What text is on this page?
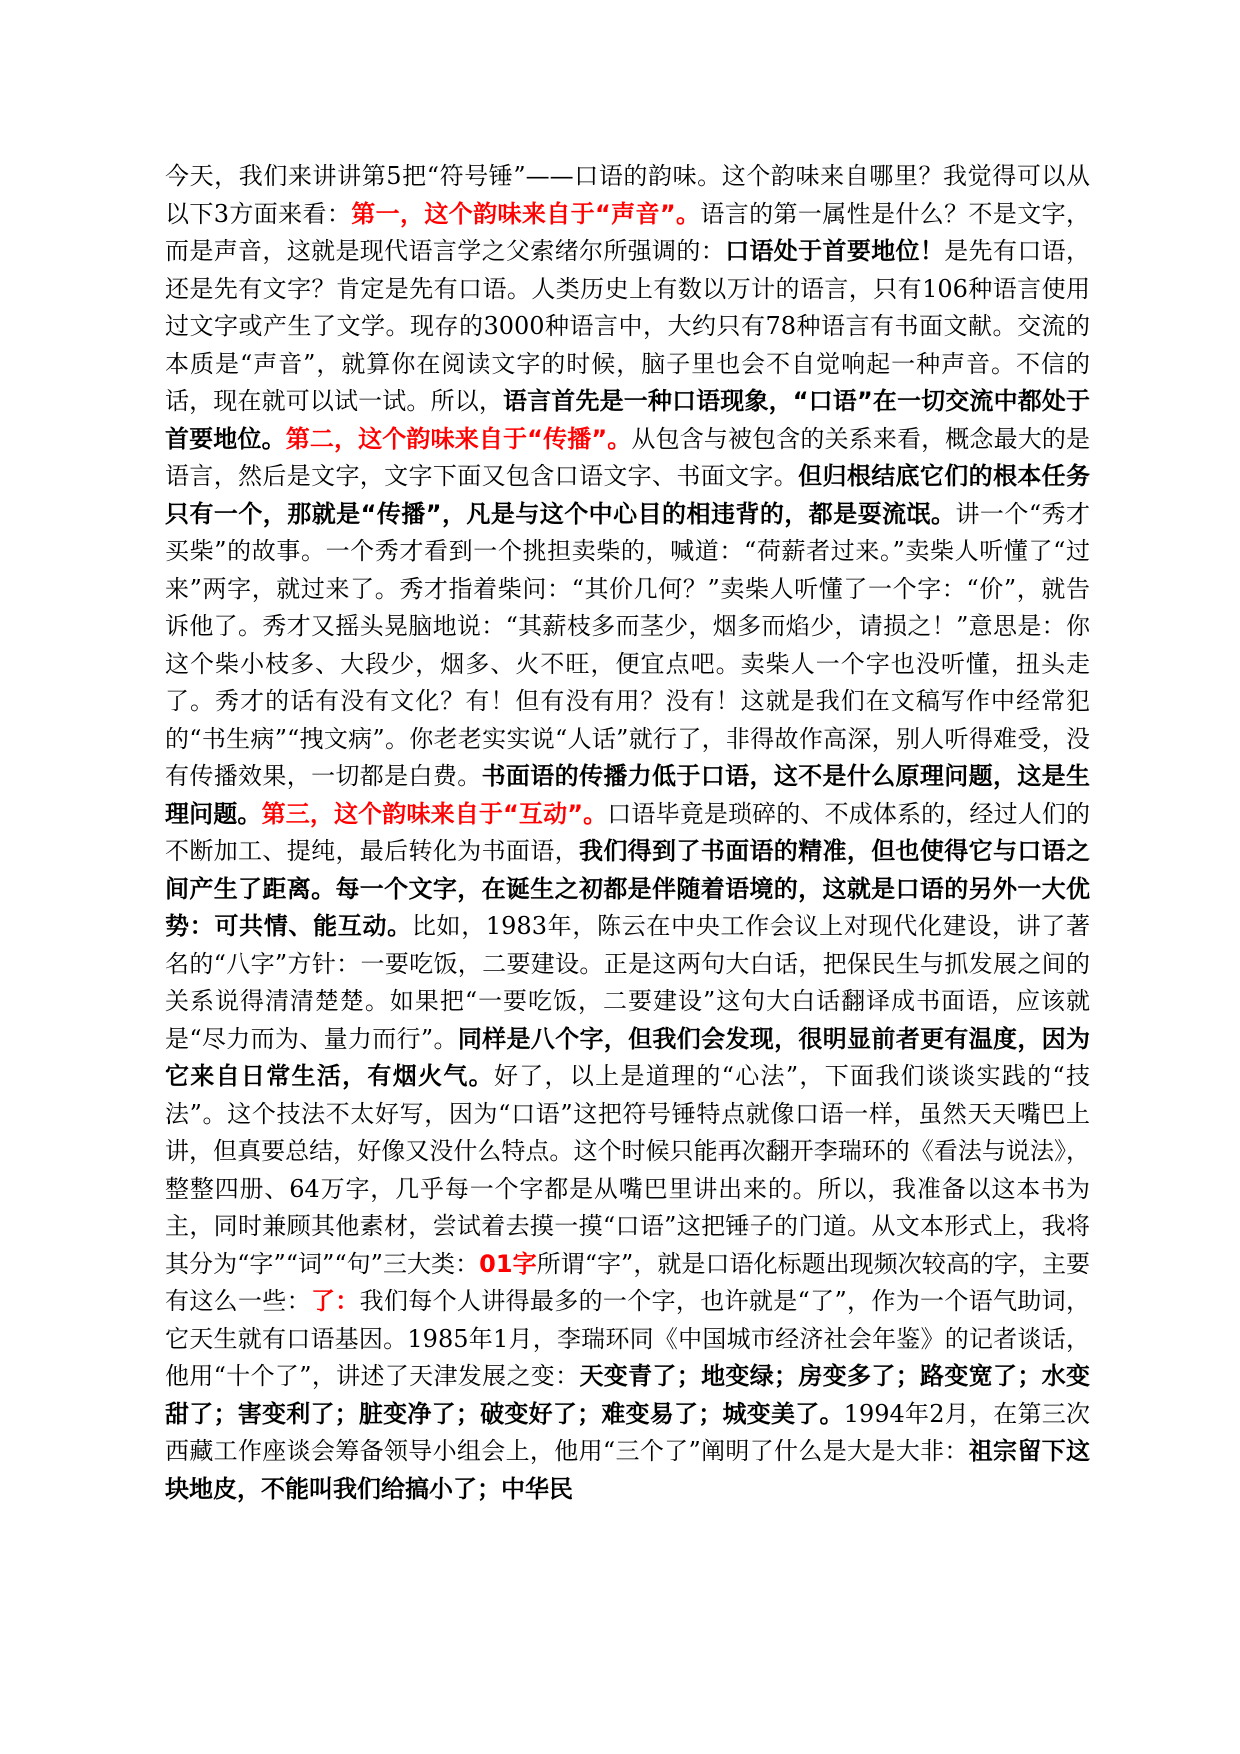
今天，我们来讲讲第5把“符号锤”——口语的韵味。这个韵味来自哪里？我觉得可以从以下3方面来看：第一，这个韵味来自于“声音”。语言的第一属性是什么？不是文字，而是声音，这就是现代语言学之父索绪尔所强调的：口语处于首要地位！是先有口语，还是先有文字？肯定是先有口语。人类历史上有数以万计的语言，只有106种语言使用过文字或产生了文学。现存的3000种语言中，大约只有78种语言有书面文献。交流的本质是“声音”，就算你在阅读文字的时候，脑子里也会不自觉响起一种声音。不信的话，现在就可以试一试。所以，语言首先是一种口语现象，“口语”在一切交流中都处于首要地位。第二，这个韵味来自于“传播”。从包含与被包含的关系来看，概念最大的是语言，然后是文字，文字下面又包含口语文字、书面文字。但归根结底它们的根本任务只有一个，那就是“传播”，凡是与这个中心目的相违背的，都是耍流氓。讲一个“秀才买柴”的故事。一个秀才看到一个挑担卖柴的，喊道：“荷薪者过来。”卖柴人听懂了“过来”两字，就过来了。秀才指着柴问：“其价几何？”卖柴人听懂了一个字：“价”，就告诉他了。秀才又摇头晃脑地说：“其薪枝多而茎少，烟多而焰少，请损之！”意思是：你这个柴小枝多、大段少，烟多、火不旺，便宜点吧。卖柴人一个字也没听懂，扭头走了。秀才的话有没有文化？有！但有没有用？没有！这就是我们在文稿写作中经常犯的“书生病”“拽文病”。你老老实实说“人话”就行了，非得故作高深，别人听得难受，没有传播效果，一切都是白费。书面语的传播力低于口语，这不是什么原理问题，这是生理问题。第三，这个韵味来自于“互动”。口语毕竟是琐碎的、不成体系的，经过人们的不断加工、提纯，最后转化为书面语，我们得到了书面语的精准，但也使得它与口语之间产生了距离。每一个文字，在诞生之初都是伴随着语境的，这就是口语的另外一大优势：可共情、能互动。比如，1983年，陈云在中央工作会议上对现代化建设，讲了著名的“八字”方针：一要吃饭，二要建设。正是这两句大白话，把保民生与抓发展之间的关系说得清清楚楚。如果把“一要吃饭，二要建设”这句大白话翻译成书面语，应该就是“尽力而为、量力而行”。同样是八个字，但我们会发现，很明显前者更有温度，因为它来自日常生活，有烟火气。好了，以上是道理的“心法”，下面我们谈谈实践的“技法”。这个技法不太好写，因为“口语”这把符号锤特点就像口语一样，虽然天天嘴巴上讲，但真要总结，好像又没什么特点。这个时候只能再次翻开李瑞环的《看法与说法》，整整四册、64万字，几乎每一个字都是从嘴巴里讲出来的。所以，我准备以这本书为主，同时兼顾其他素材，尝试着去摸一摸“口语”这把锤子的门道。从文本形式上，我将其分为“字”“词”“句”三大类：01字所谓“字”，就是口语化标题出现频次较高的字，主要有这么一些：了：我们每个人讲得最多的一个字，也许就是“了”，作为一个语气助词，它天生就有口语基因。1985年1月，李瑞环同《中国城市经济社会年鉴》的记者谈话，他用“十个了”，讲述了天津发展之变：天变青了；地变绿；房变多了；路变宽了；水变甜了；害变利了；脏变净了；破变好了；难变易了；城变美了。1994年2月，在第三次西藏工作座谈会筹备领导小组会上，他用“三个了”阐明了什么是大是大非：祖宗留下这块地皮，不能叫我们给搞小了；中华民
